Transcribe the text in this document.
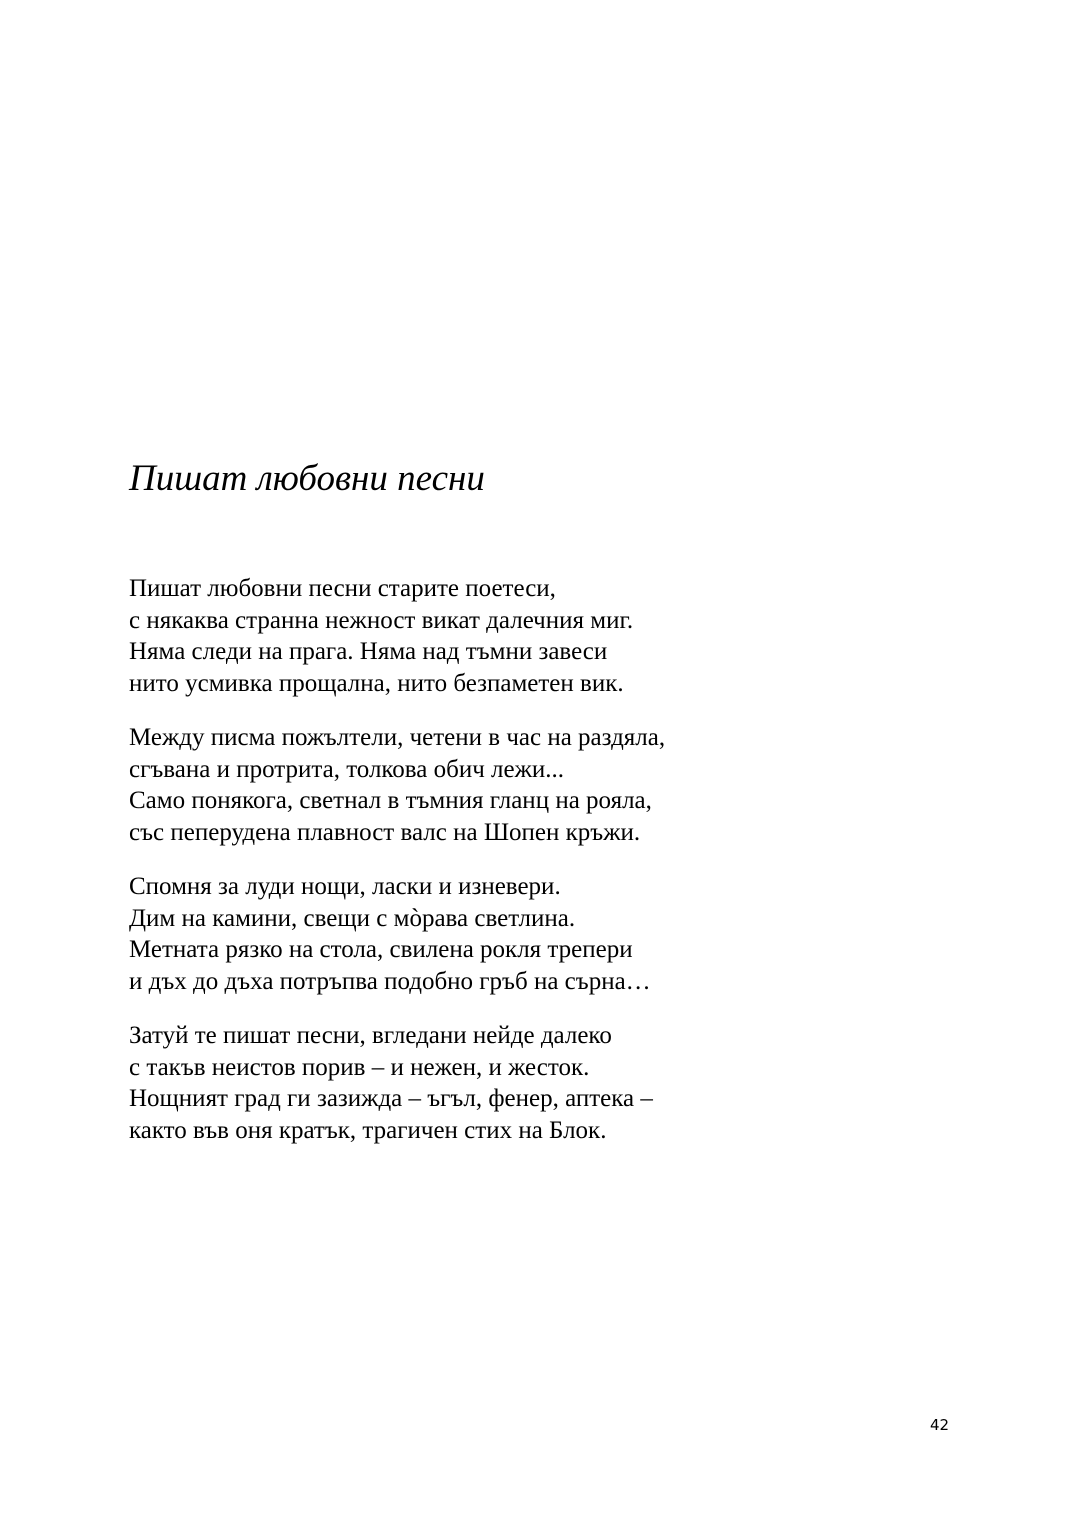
Пишат любовни песни

Пишат любовни песни старите поетеси,
с някаква странна нежност викат далечния миг.
Няма следи на прага. Няма над тъмни завеси
нито усмивка прощална, нито безпаметен вик.

Между писма пожълтели, четени в час на раздяла,
сгъвана и протрита, толкова обич лежи...
Само понякога, светнал в тъмния гланц на рояла,
със пеперудена плавност валс на Шопен кръжи.

Спомня за луди нощи, ласки и изневери.
Дим на камини, свещи с мòрава светлина.
Метната рязко на стола, свилена рокля трепери
и дъх до дъха потръпва подобно гръб на сърна…

Затуй те пишат песни, вгледани нейде далеко
с такъв неистов порив – и нежен, и жесток.
Нощният град ги зазижда – ъгъл, фенер, аптека –
както във оня кратък, трагичен стих на Блок.

42
